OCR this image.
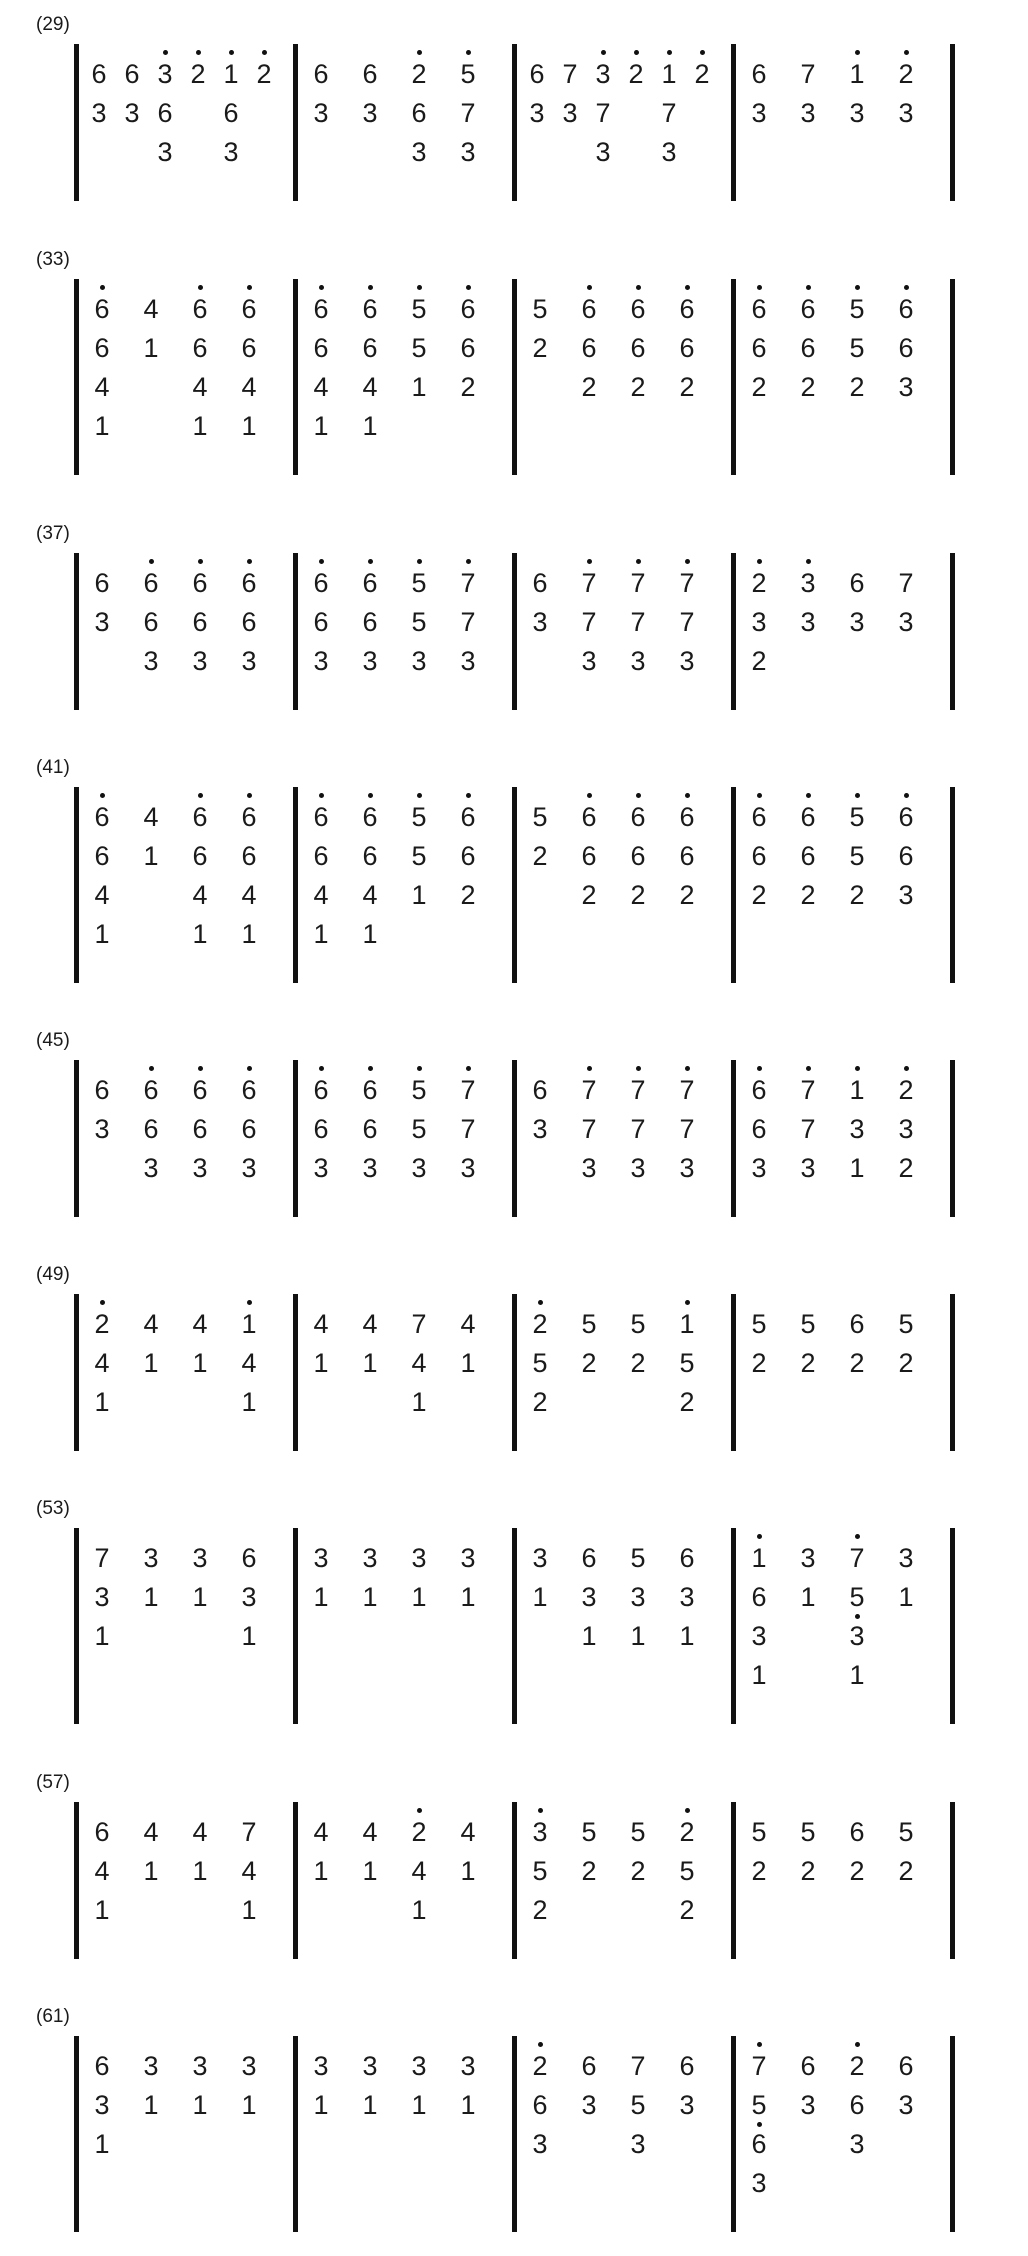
(29)
6
3
6
3
3
6
3
2 1
6
3
2 6
3
6
3
2
6
3
5
7
3
6
3
7
3
3
7
3
2 1
7
3
2 6
3
7
3
1
3
2
3
(33)
6
6
4
1
4
1
6
6
4
1
6
6
4
1
6
6
4
1
6
6
4
1
5
5
1
6
6
2
5
2
6
6
2
6
6
2
6
6
2
6
6
2
6
6
2
5
5
2
6
6
3
(37)
6
3
6
6
3
6
6
3
6
6
3
6
6
3
6
6
3
5
5
3
7
7
3
6
3
7
7
3
7
7
3
7
7
3
2
3
2
3
3
6
3
7
3
(41)
6
6
4
1
4
1
6
6
4
1
6
6
4
1
6
6
4
1
6
6
4
1
5
5
1
6
6
2
5
2
6
6
2
6
6
2
6
6
2
6
6
2
6
6
2
5
5
2
6
6
3
(45)
6
3
6
6
3
6
6
3
6
6
3
6
6
3
6
6
3
5
5
3
7
7
3
6
3
7
7
3
7
7
3
7
7
3
6
6
3
7
7
3
1
3
1
2
3
2
(49)
2
4
1
4
1
4
1
1
4
1
4
1
4
1
7
4
1
4
1
2
5
2
5
2
5
2
1
5
2
5
2
5
2
6
2
5
2
(53)
7
3
1
3
1
3
1
6
3
1
3
1
3
1
3
1
3
1
3
1
6
3
1
5
3
1
6
3
1
1
6
3
1
3
1
7
5
3
1
3
1
(57)
6
4
1
4
1
4
1
7
4
1
4
1
4
1
2
4
1
4
1
3
5
2
5
2
5
2
2
5
2
5
2
5
2
6
2
5
2
(61)
6
3
1
3
1
3
1
3
1
3
1
3
1
3
1
3
1
2
6
3
6
3
7
5
3
6
3
7
5
6
3
6
3
2
6
3
6
3
